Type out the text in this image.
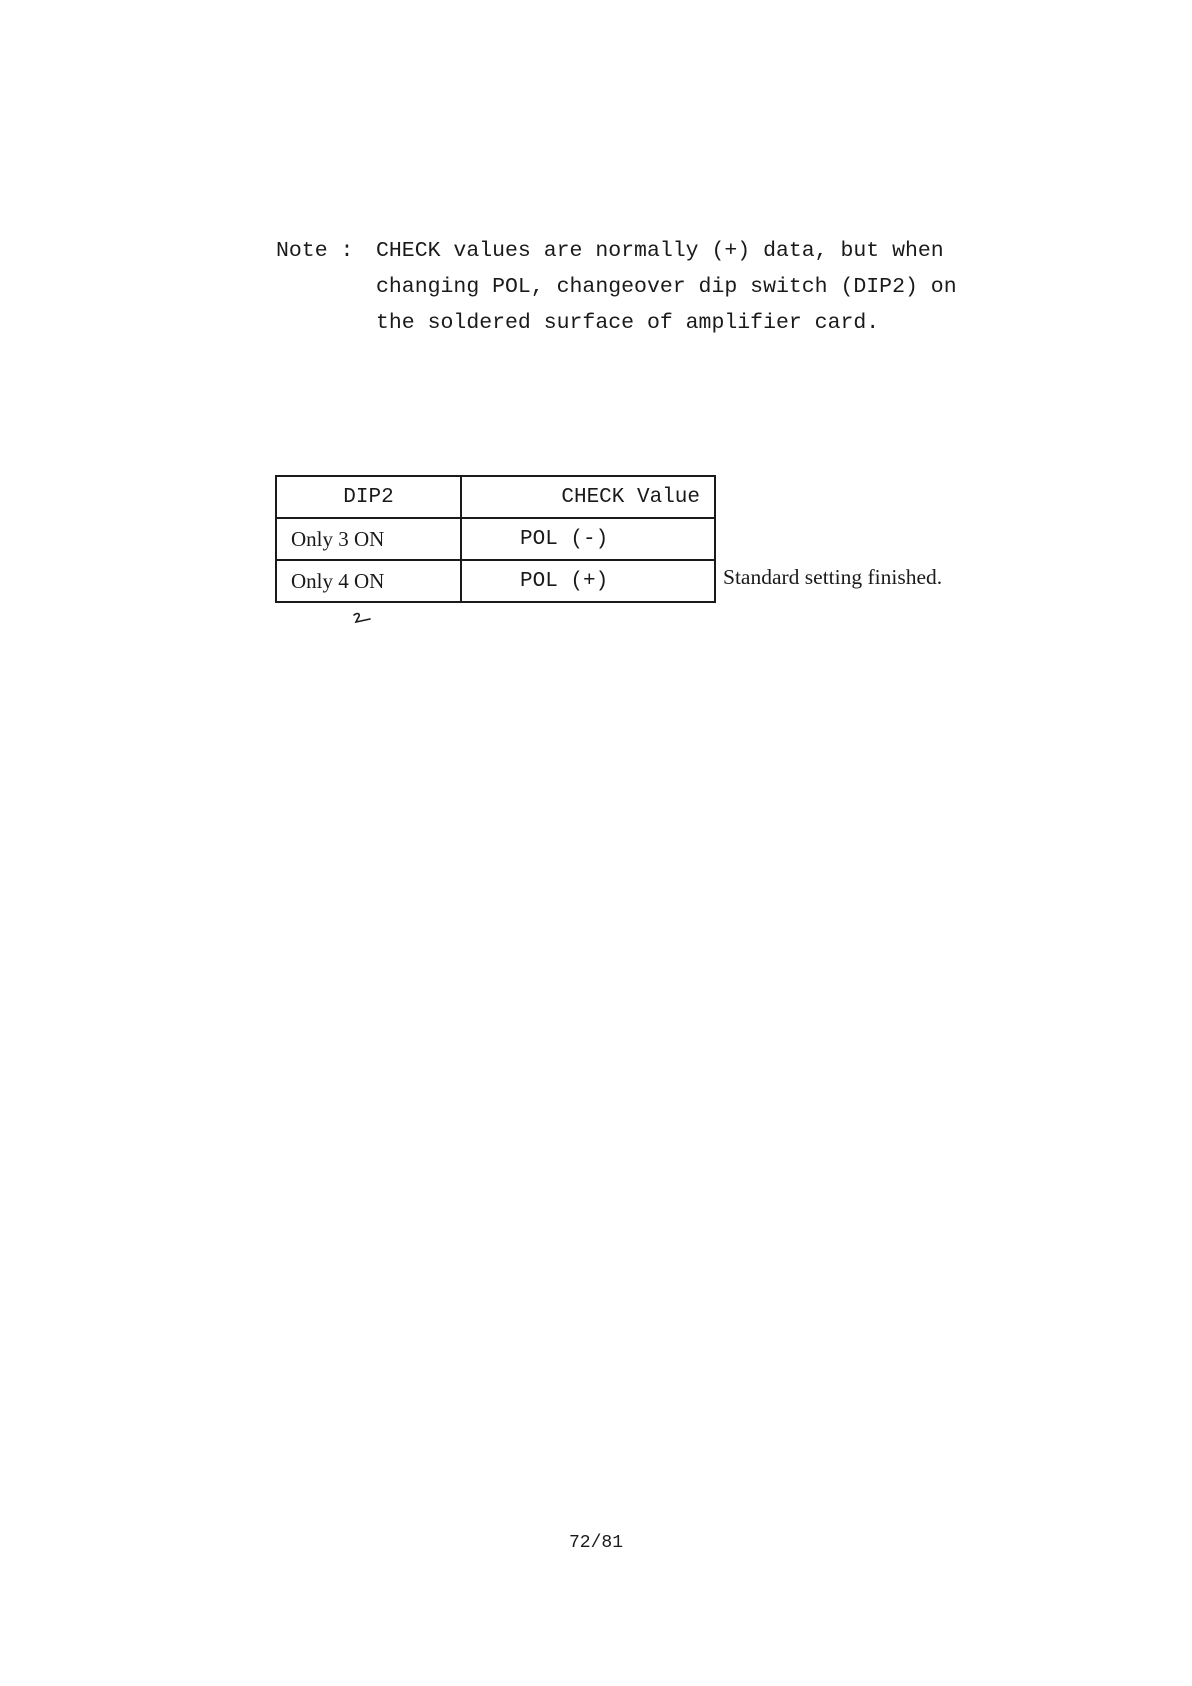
Note : CHECK values are normally (+) data, but when
changing POL, changeover dip switch (DIP2) on
the soldered surface of amplifier card.
DIP2	CHECK Value
Only 3 ON	POL (-)
Only 4 ON	POL (+)	Standard setting finished.
72/81
